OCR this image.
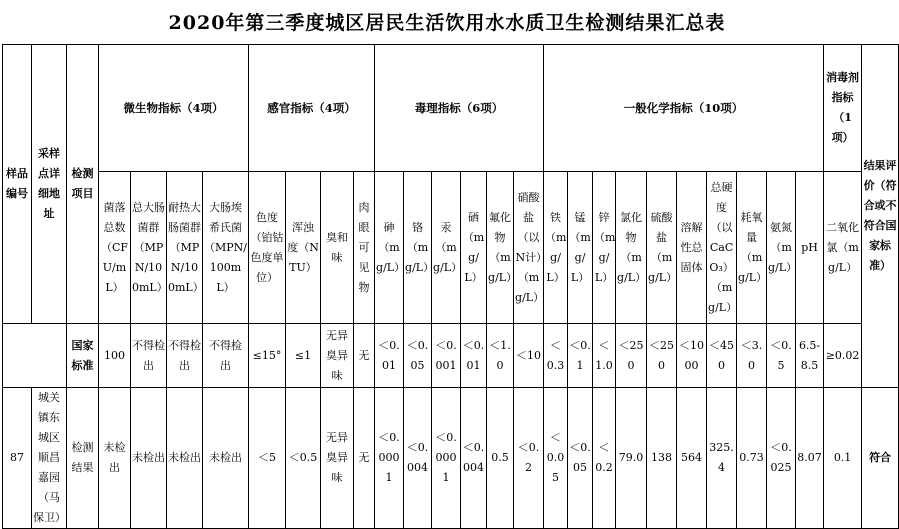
2020年第三季度城区居民生活饮用水水质卫生检测结果汇总表
样品编号	采样点详细地址	检测项目	微生物指标（4项）				感官指标（4项）				毒理指标（6项）						一般化学指标（10项）										消毒剂指标（1项）	结果评价（符合或不符合国家标准）
			菌落总数（CFU/mL）	总大肠菌群（MPN/100mL）	耐热大肠菌群（MPN/100mL）	大肠埃希氏菌（MPN/100mL）	色度（铂钴色度单位）	浑浊度（NTU）	臭和味	肉眼可见物	砷（mg/L）	铬（mg/L）	汞（mg/L）	硒（mg/L）	氟化物（mg/L）	硝酸盐（以N计）（mg/L）	铁（mg/L）	锰（mg/L）	锌（mg/L）	氯化物（mg/L）	硫酸盐（mg/L）	溶解性总固体	总硬度（以CaCO₃）（mg/L）	耗氧量（mg/L）	氨氮（mg/L）	pH	二氧化氯（mg/L）	
		国家标准	100	不得检出	不得检出	不得检出	≤15°	≤1	无异臭异味	无	＜0.01	＜0.05	＜0.001	＜0.01	＜1.0	＜10	＜0.3	＜0.1	＜1.0	＜250	＜250	＜1000	＜450	＜3.0	＜0.5	6.5-8.5	≥0.02	
87	城关镇东城区顺昌嘉园（马保卫）	检测结果	未检出	未检出	未检出	未检出	＜5	＜0.5	无异臭异味	无	＜0.0001	＜0.004	＜0.0001	＜0.004	0.5	＜0.2	＜0.05	＜0.05	＜0.2	79.0	138	564	325.4	0.73	＜0.025	8.07	0.1	符合
